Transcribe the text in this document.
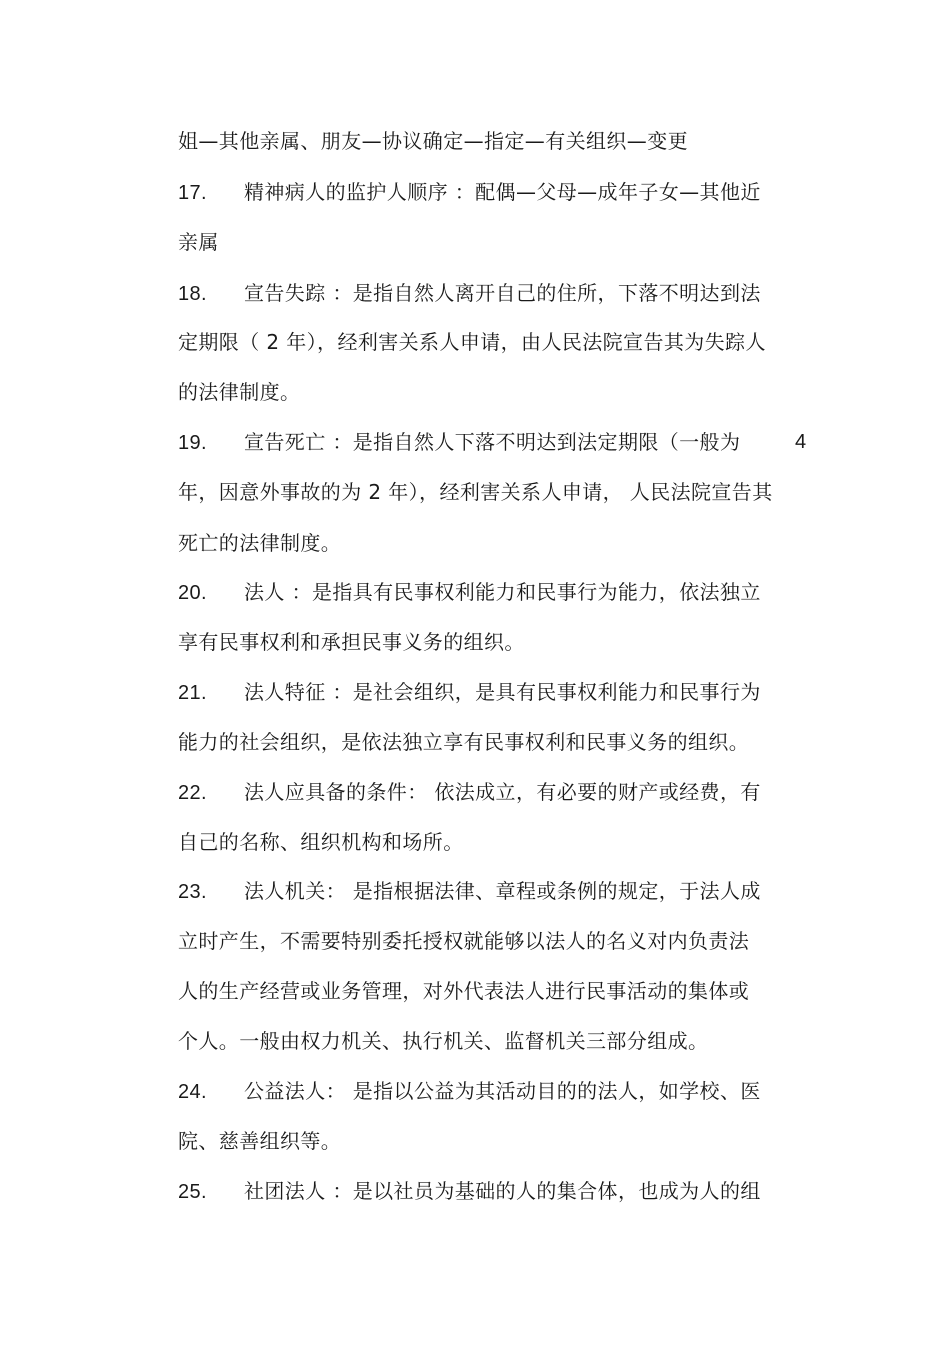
姐—其他亲属、朋友—协议确定—指定—有关组织—变更
17. 精神病人的监护人顺序 ：配偶—父母—成年子女—其他近
亲属
18. 宣告失踪 ：是指自然人离开自己的住所，下落不明达到法
定期限（ 2 年），经利害关系人申请，由人民法院宣告其为失踪人
的法律制度。
19. 宣告死亡 ：是指自然人下落不明达到法定期限（一般为	4
年，因意外事故的为 2 年），经利害关系人申请， 人民法院宣告其
死亡的法律制度。
20. 法人 ：是指具有民事权利能力和民事行为能力，依法独立
享有民事权利和承担民事义务的组织。
21. 法人特征 ：是社会组织，是具有民事权利能力和民事行为
能力的社会组织，是依法独立享有民事权利和民事义务的组织。
22. 法人应具备的条件： 依法成立，有必要的财产或经费，有
自己的名称、组织机构和场所。
23. 法人机关： 是指根据法律、章程或条例的规定，于法人成
立时产生，不需要特别委托授权就能够以法人的名义对内负责法
人的生产经营或业务管理，对外代表法人进行民事活动的集体或
个人。一般由权力机关、执行机关、监督机关三部分组成。
24. 公益法人： 是指以公益为其活动目的的法人，如学校、医
院、慈善组织等。
25. 社团法人 ：是以社员为基础的人的集合体，也成为人的组
